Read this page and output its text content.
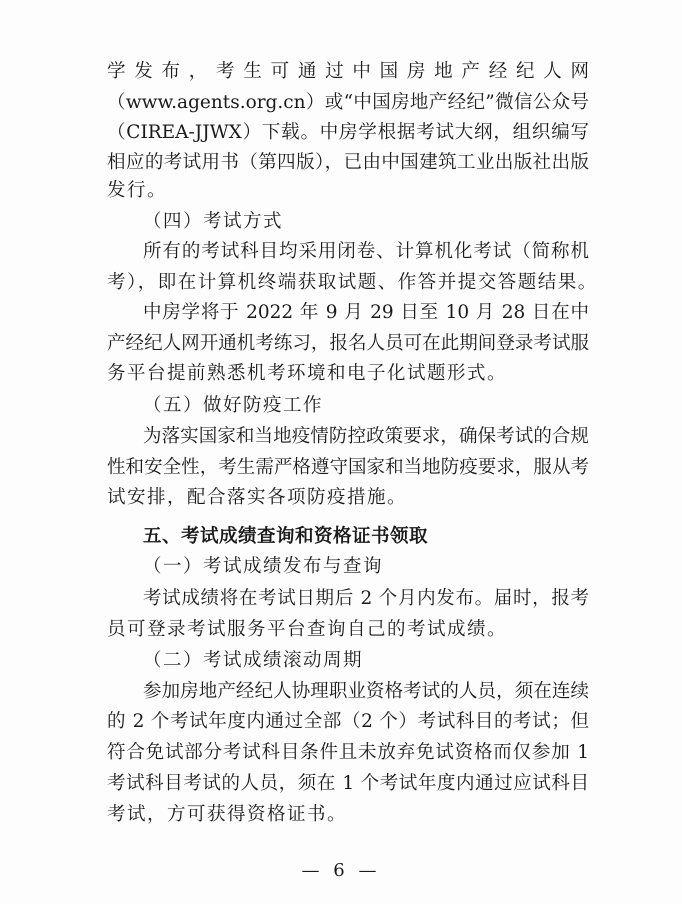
学发布，考生可通过中国房地产经纪人网
（www.agents.org.cn）或“中国房地产经纪”微信公众号
（CIREA-JJWX）下载。中房学根据考试大纲，组织编写
相应的考试用书（第四版），已由中国建筑工业出版社出版
发行。
（四）考试方式
所有的考试科目均采用闭卷、计算机化考试（简称机
考），即在计算机终端获取试题、作答并提交答题结果。
中房学将于 2022 年 9 月 29 日至 10 月 28 日在中
产经纪人网开通机考练习，报名人员可在此期间登录考试服
务平台提前熟悉机考环境和电子化试题形式。
（五）做好防疫工作
为落实国家和当地疫情防控政策要求，确保考试的合规
性和安全性，考生需严格遵守国家和当地防疫要求，服从考
试安排，配合落实各项防疫措施。
五、考试成绩查询和资格证书领取
（一）考试成绩发布与查询
考试成绩将在考试日期后 2 个月内发布。届时，报考
员可登录考试服务平台查询自己的考试成绩。
（二）考试成绩滚动周期
参加房地产经纪人协理职业资格考试的人员，须在连续
的 2 个考试年度内通过全部（2 个）考试科目的考试；但
符合免试部分考试科目条件且未放弃免试资格而仅参加 1
考试科目考试的人员，须在 1 个考试年度内通过应试科目
考试，方可获得资格证书。
— 6 —
